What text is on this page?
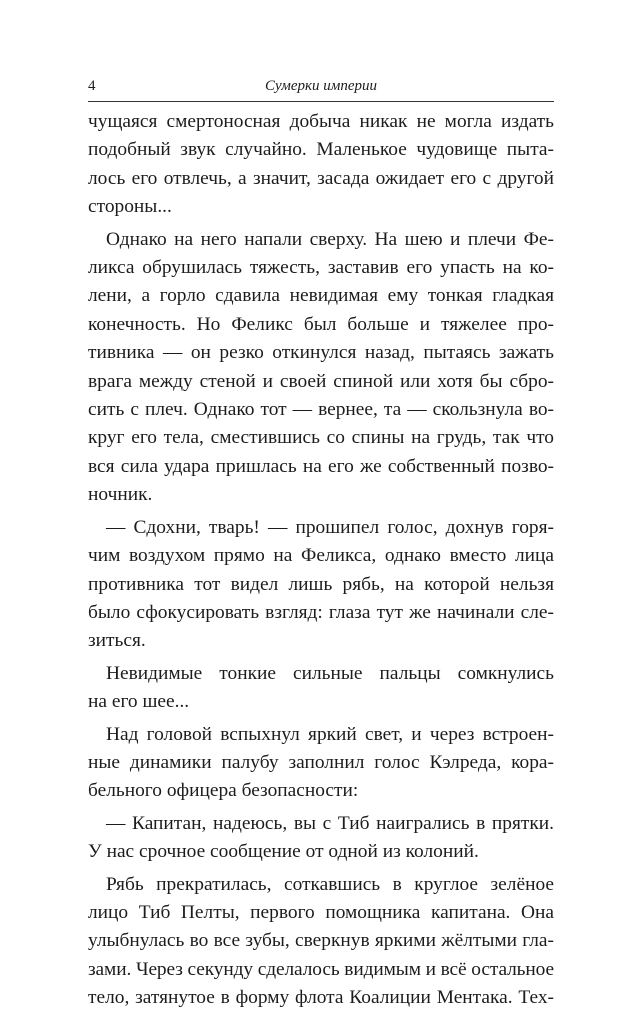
4	Сумерки империи

чущаяся смертоносная добыча никак не могла издать
подобный звук случайно. Маленькое чудовище пыта-
лось его отвлечь, а значит, засада ожидает его с другой
стороны...

Однако на него напали сверху. На шею и плечи Фе-
ликса обрушилась тяжесть, заставив его упасть на ко-
лени, а горло сдавила невидимая ему тонкая гладкая
конечность. Но Феликс был больше и тяжелее про-
тивника — он резко откинулся назад, пытаясь зажать
врага между стеной и своей спиной или хотя бы сбро-
сить с плеч. Однако тот — вернее, та — скользнула во-
круг его тела, сместившись со спины на грудь, так что
вся сила удара пришлась на его же собственный позво-
ночник.

— Сдохни, тварь! — прошипел голос, дохнув горя-
чим воздухом прямо на Феликса, однако вместо лица
противника тот видел лишь рябь, на которой нельзя
было сфокусировать взгляд: глаза тут же начинали сле-
зиться.

Невидимые тонкие сильные пальцы сомкнулись
на его шее...

Над головой вспыхнул яркий свет, и через встроен-
ные динамики палубу заполнил голос Кэлреда, кора-
бельного офицера безопасности:

— Капитан, надеюсь, вы с Тиб наигрались в прятки.
У нас срочное сообщение от одной из колоний.

Рябь прекратилась, соткавшись в круглое зелёное
лицо Тиб Пелты, первого помощника капитана. Она
улыбнулась во все зубы, сверкнув яркими жёлтыми гла-
зами. Через секунду сделалось видимым и всё остальное
тело, затянутое в форму флота Коалиции Ментака. Тех-
